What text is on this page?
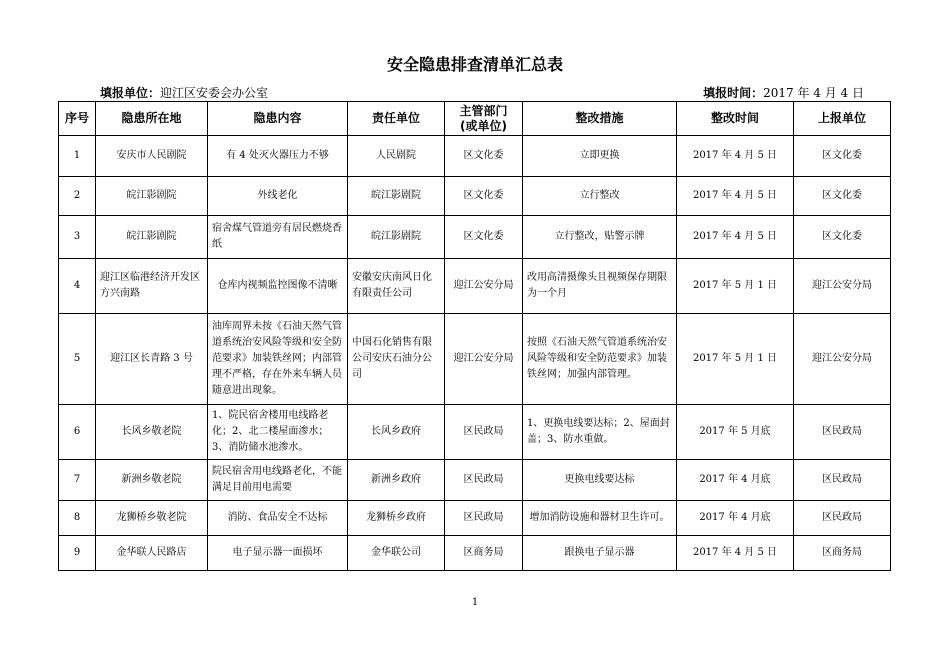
安全隐患排查清单汇总表
填报单位：迎江区安委会办公室	填报时间：2017 年 4 月 4 日
序号	隐患所在地	隐患内容	责任单位	主管部门 (或单位)	整改措施	整改时间	上报单位
1	安庆市人民剧院	有 4 处灭火器压力不够	人民剧院	区文化委	立即更换	2017 年 4 月 5 日	区文化委
2	皖江影剧院	外线老化	皖江影剧院	区文化委	立行整改	2017 年 4 月 5 日	区文化委
3	皖江影剧院	宿舍煤气管道旁有居民燃烧香纸	皖江影剧院	区文化委	立行整改，贴警示牌	2017 年 4 月 5 日	区文化委
4	迎江区临港经济开发区方兴南路	仓库内视频监控图像不清晰	安徽安庆南风日化有限责任公司	迎江公安分局	改用高清摄像头且视频保存期限为一个月	2017 年 5 月 1 日	迎江公安分局
5	迎江区长青路 3 号	油库周界未按《石油天然气管道系统治安风险等级和安全防范要求》加装铁丝网；内部管理不严格，存在外来车辆人员随意进出现象。	中国石化销售有限公司安庆石油分公司	迎江公安分局	按照《石油天然气管道系统治安风险等级和安全防范要求》加装铁丝网；加强内部管理。	2017 年 5 月 1 日	迎江公安分局
6	长风乡敬老院	1、院民宿舍楼用电线路老化；2、北二楼屋面渗水；3、消防储水池渗水。	长风乡政府	区民政局	1、更换电线要达标；2、屋面封盖；3、防水重做。	2017 年 5 月底	区民政局
7	新洲乡敬老院	院民宿舍用电线路老化，不能满足目前用电需要	新洲乡政府	区民政局	更换电线要达标	2017 年 4 月底	区民政局
8	龙狮桥乡敬老院	消防、食品安全不达标	龙狮桥乡政府	区民政局	增加消防设施和器材卫生许可。	2017 年 4 月底	区民政局
9	金华联人民路店	电子显示器一面损坏	金华联公司	区商务局	跟换电子显示器	2017 年 4 月 5 日	区商务局
1
